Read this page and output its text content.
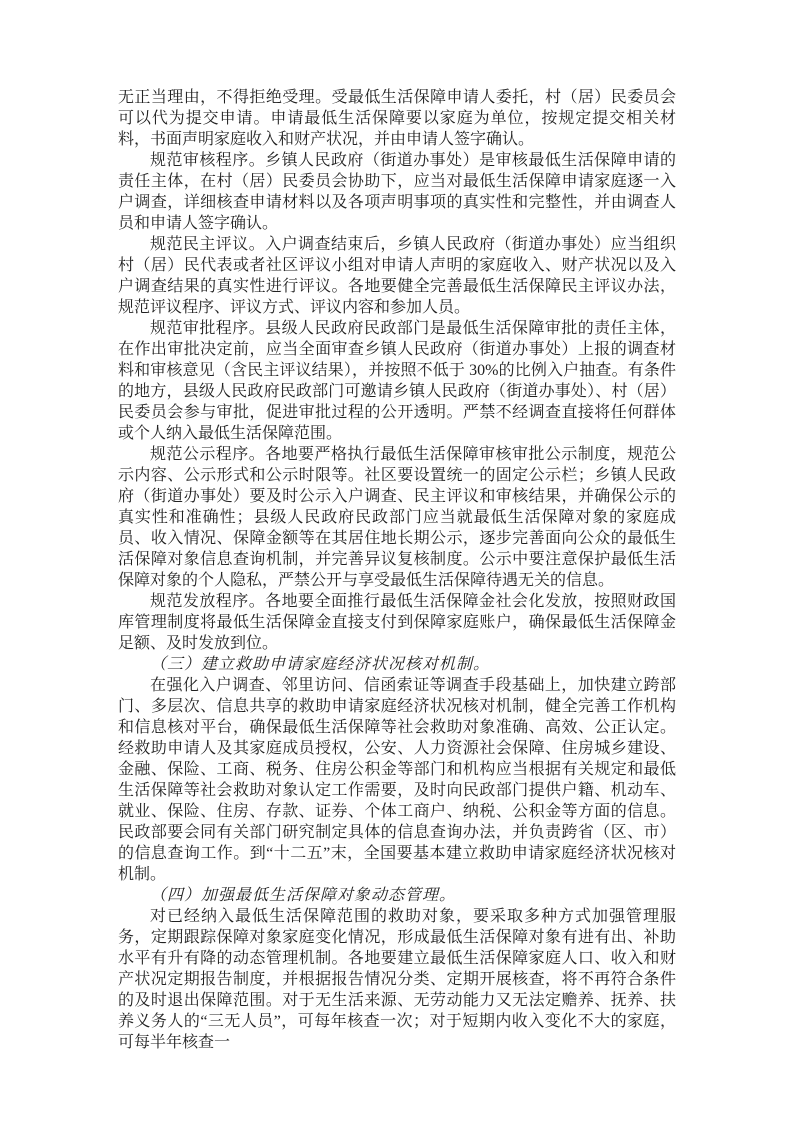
无正当理由，不得拒绝受理。受最低生活保障申请人委托，村（居）民委员会可以代为提交申请。申请最低生活保障要以家庭为单位，按规定提交相关材料，书面声明家庭收入和财产状况，并由申请人签字确认。

规范审核程序。乡镇人民政府（街道办事处）是审核最低生活保障申请的责任主体，在村（居）民委员会协助下，应当对最低生活保障申请家庭逐一入户调查，详细核查申请材料以及各项声明事项的真实性和完整性，并由调查人员和申请人签字确认。

规范民主评议。入户调查结束后，乡镇人民政府（街道办事处）应当组织村（居）民代表或者社区评议小组对申请人声明的家庭收入、财产状况以及入户调查结果的真实性进行评议。各地要健全完善最低生活保障民主评议办法，规范评议程序、评议方式、评议内容和参加人员。

规范审批程序。县级人民政府民政部门是最低生活保障审批的责任主体，在作出审批决定前，应当全面审查乡镇人民政府（街道办事处）上报的调查材料和审核意见（含民主评议结果），并按照不低于 30%的比例入户抽查。有条件的地方，县级人民政府民政部门可邀请乡镇人民政府（街道办事处）、村（居）民委员会参与审批，促进审批过程的公开透明。严禁不经调查直接将任何群体或个人纳入最低生活保障范围。

规范公示程序。各地要严格执行最低生活保障审核审批公示制度，规范公示内容、公示形式和公示时限等。社区要设置统一的固定公示栏；乡镇人民政府（街道办事处）要及时公示入户调查、民主评议和审核结果，并确保公示的真实性和准确性；县级人民政府民政部门应当就最低生活保障对象的家庭成员、收入情况、保障金额等在其居住地长期公示，逐步完善面向公众的最低生活保障对象信息查询机制，并完善异议复核制度。公示中要注意保护最低生活保障对象的个人隐私，严禁公开与享受最低生活保障待遇无关的信息。

规范发放程序。各地要全面推行最低生活保障金社会化发放，按照财政国库管理制度将最低生活保障金直接支付到保障家庭账户，确保最低生活保障金足额、及时发放到位。

（三）建立救助申请家庭经济状况核对机制。

在强化入户调查、邻里访问、信函索证等调查手段基础上，加快建立跨部门、多层次、信息共享的救助申请家庭经济状况核对机制，健全完善工作机构和信息核对平台，确保最低生活保障等社会救助对象准确、高效、公正认定。经救助申请人及其家庭成员授权，公安、人力资源社会保障、住房城乡建设、金融、保险、工商、税务、住房公积金等部门和机构应当根据有关规定和最低生活保障等社会救助对象认定工作需要，及时向民政部门提供户籍、机动车、就业、保险、住房、存款、证券、个体工商户、纳税、公积金等方面的信息。民政部要会同有关部门研究制定具体的信息查询办法，并负责跨省（区、市）的信息查询工作。到“十二五”末，全国要基本建立救助申请家庭经济状况核对机制。

（四）加强最低生活保障对象动态管理。

对已经纳入最低生活保障范围的救助对象，要采取多种方式加强管理服务，定期跟踪保障对象家庭变化情况，形成最低生活保障对象有进有出、补助水平有升有降的动态管理机制。各地要建立最低生活保障家庭人口、收入和财产状况定期报告制度，并根据报告情况分类、定期开展核查，将不再符合条件的及时退出保障范围。对于无生活来源、无劳动能力又无法定赡养、抚养、扶养义务人的“三无人员”，可每年核查一次；对于短期内收入变化不大的家庭，可每半年核查一
